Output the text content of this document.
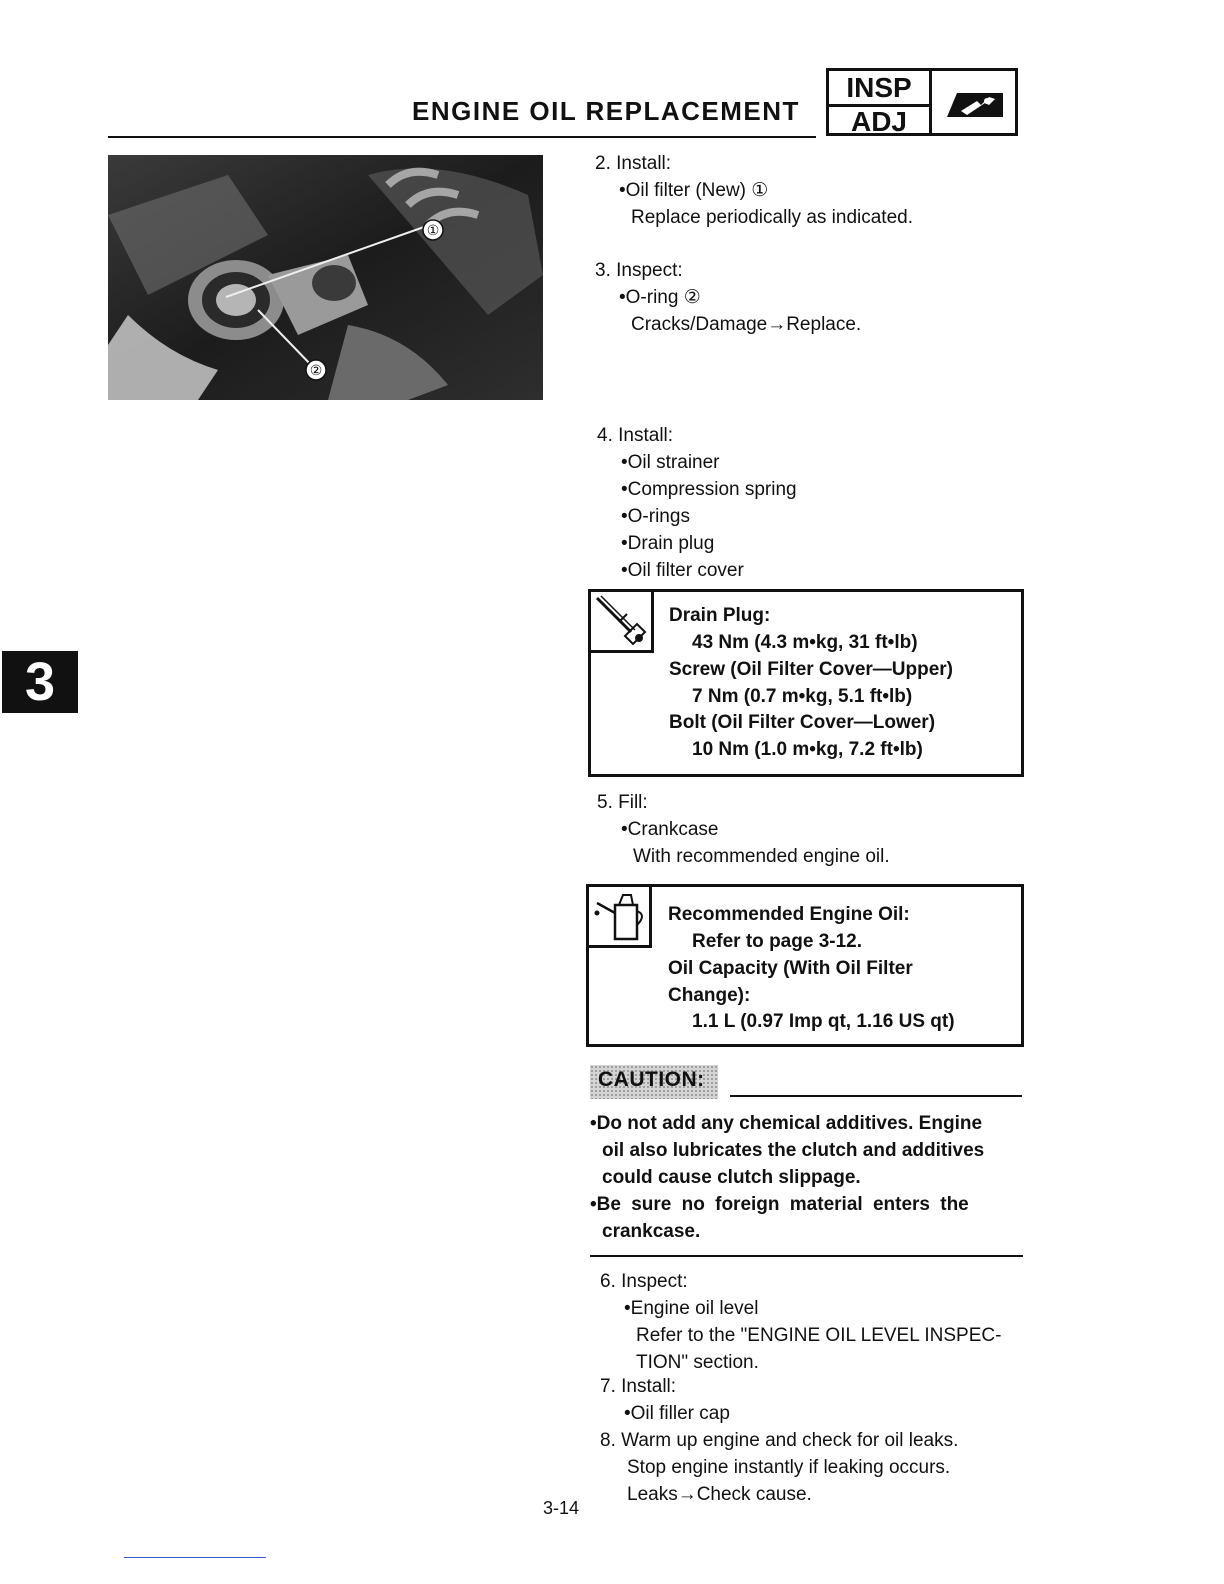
ENGINE OIL REPLACEMENT
INSP
ADJ
①
②
2. Install:
•Oil filter (New) ①
Replace periodically as indicated.
3. Inspect:
•O-ring ②
Cracks/Damage→Replace.
4. Install:
•Oil strainer
•Compression spring
•O-rings
•Drain plug
•Oil filter cover
Drain Plug:
43 Nm (4.3 m•kg, 31 ft•lb)
Screw (Oil Filter Cover—Upper)
7 Nm (0.7 m•kg, 5.1 ft•lb)
Bolt (Oil Filter Cover—Lower)
10 Nm (1.0 m•kg, 7.2 ft•lb)
5. Fill:
•Crankcase
With recommended engine oil.
Recommended Engine Oil:
Refer to page 3-12.
Oil Capacity (With Oil Filter
Change):
1.1 L (0.97 Imp qt, 1.16 US qt)
CAUTION:
•Do not add any chemical additives. Engine
oil also lubricates the clutch and additives
could cause clutch slippage.
•Be sure no foreign material enters the
crankcase.
6. Inspect:
•Engine oil level
Refer to the "ENGINE OIL LEVEL INSPEC-
TION" section.
7. Install:
•Oil filler cap
8. Warm up engine and check for oil leaks.
Stop engine instantly if leaking occurs.
Leaks→Check cause.
3
3-14
